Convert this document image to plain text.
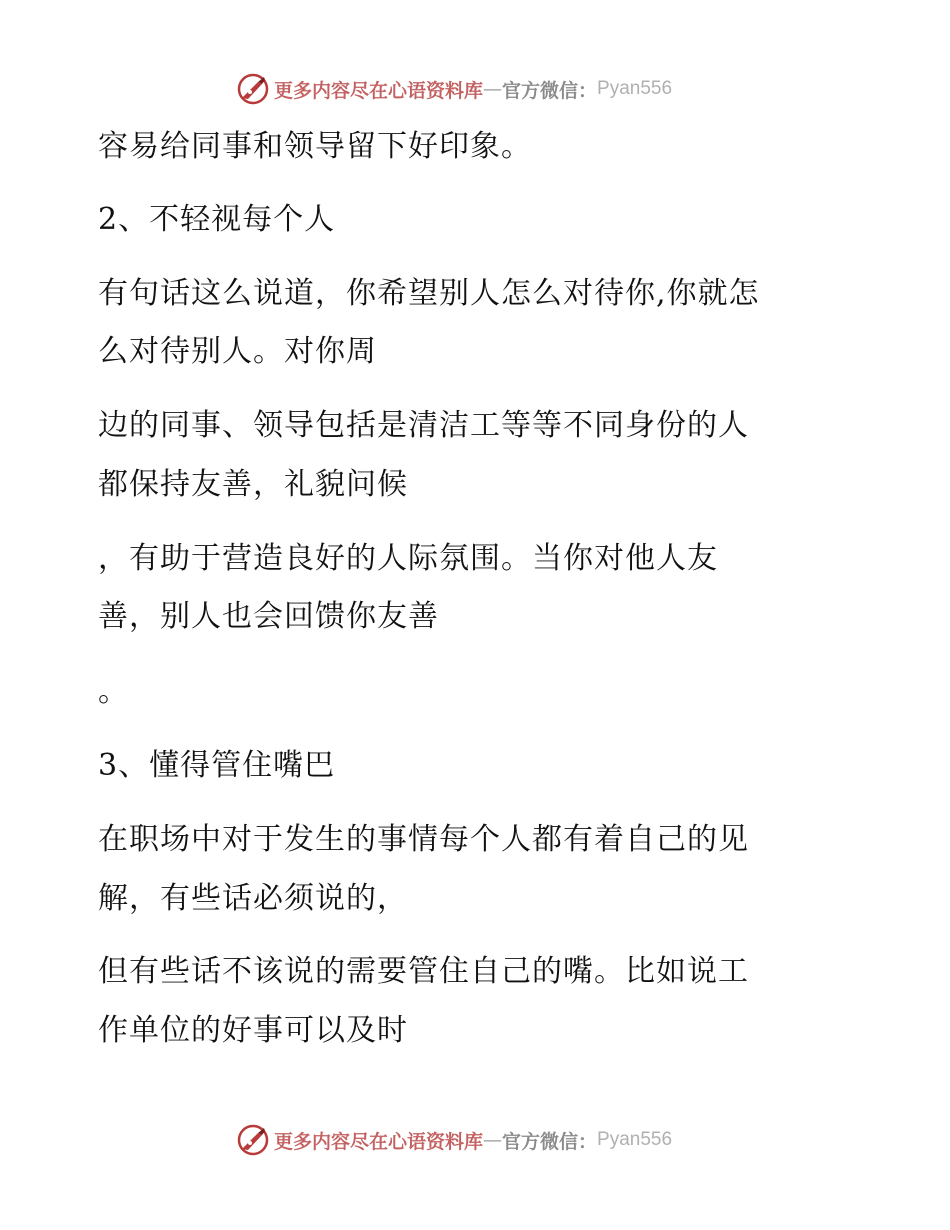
更多内容尽在心语资料库 — 官方微信： Pyan556
容易给同事和领导留下好印象。
2、不轻视每个人
有句话这么说道，你希望别人怎么对待你,你就怎
么对待别人。对你周
边的同事、领导包括是清洁工等等不同身份的人
都保持友善，礼貌问候
，有助于营造良好的人际氛围。当你对他人友
善，别人也会回馈你友善
。
3、懂得管住嘴巴
在职场中对于发生的事情每个人都有着自己的见
解，有些话必须说的，
但有些话不该说的需要管住自己的嘴。比如说工
作单位的好事可以及时
更多内容尽在心语资料库 — 官方微信： Pyan556
